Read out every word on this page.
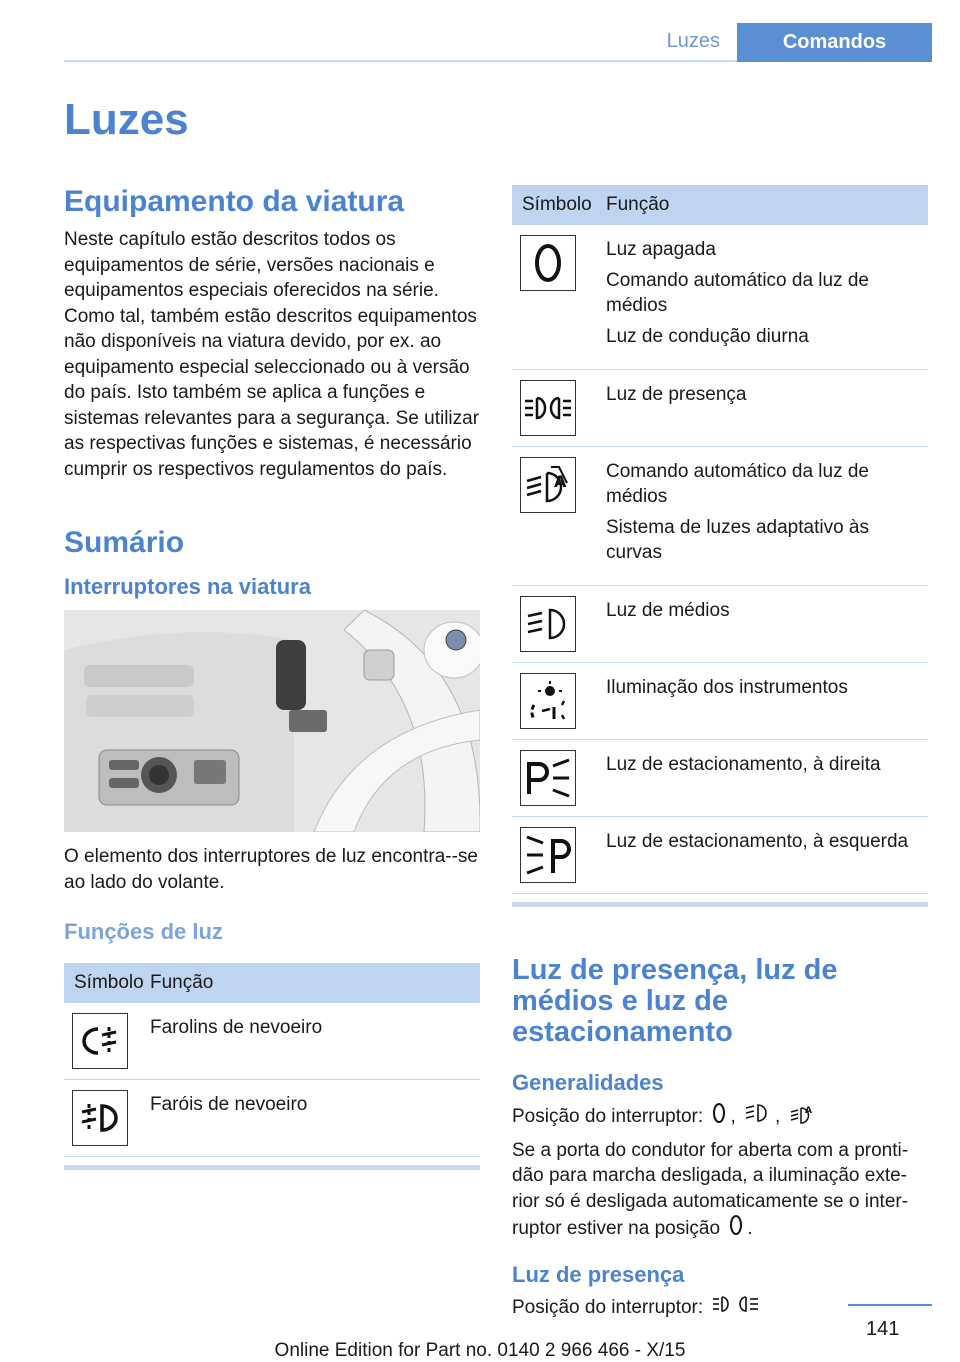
Luzes	Comandos
Luzes
Equipamento da viatura

Neste capítulo estão descritos todos os equipamentos de série, versões nacionais e equipamentos especiais oferecidos na série. Como tal, também estão descritos equipamentos não disponíveis na viatura devido, por ex. ao equipamento especial seleccionado ou à versão do país. Isto também se aplica a funções e sistemas relevantes para a segurança. Se utilizar as respectivas funções e sistemas, é necessário cumprir os respectivos regulamentos do país.

Sumário
Interruptores na viatura

O elemento dos interruptores de luz encontra--se ao lado do volante.

Funções de luz
Símbolo	Função

Farolins de nevoeiro

Faróis de nevoeiro
Símbolo	Função

Luz apagada
Comando automático da luz de médios
Luz de condução diurna

Luz de presença

A	Comando automático da luz de médios
Sistema de luzes adaptativo às curvas

Luz de médios

Iluminação dos instrumentos

Luz de estacionamento, à direita

Luz de estacionamento, à esquerda
Luz de presença, luz de médios e luz de estacionamento
Generalidades

Posição do interruptor: , ,	A

Se a porta do condutor for aberta com a pronti-dão para marcha desligada, a iluminação exte-rior só é desligada automaticamente se o inter-ruptor estiver na posição .

Luz de presença

Posição do interruptor:

141
Online Edition for Part no. 0140 2 966 466 - X/15
